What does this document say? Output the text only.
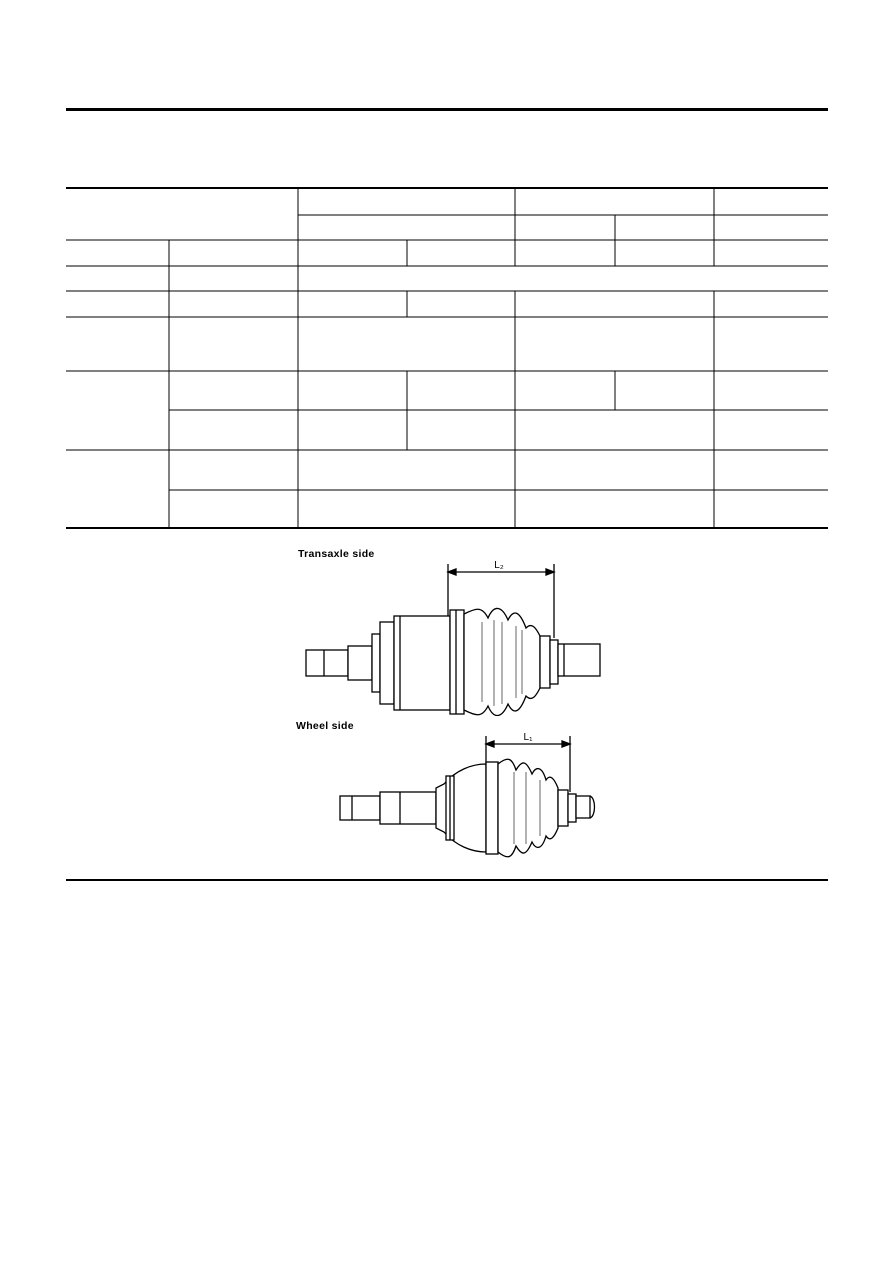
Transaxle side
L₂
Wheel side
L₁
